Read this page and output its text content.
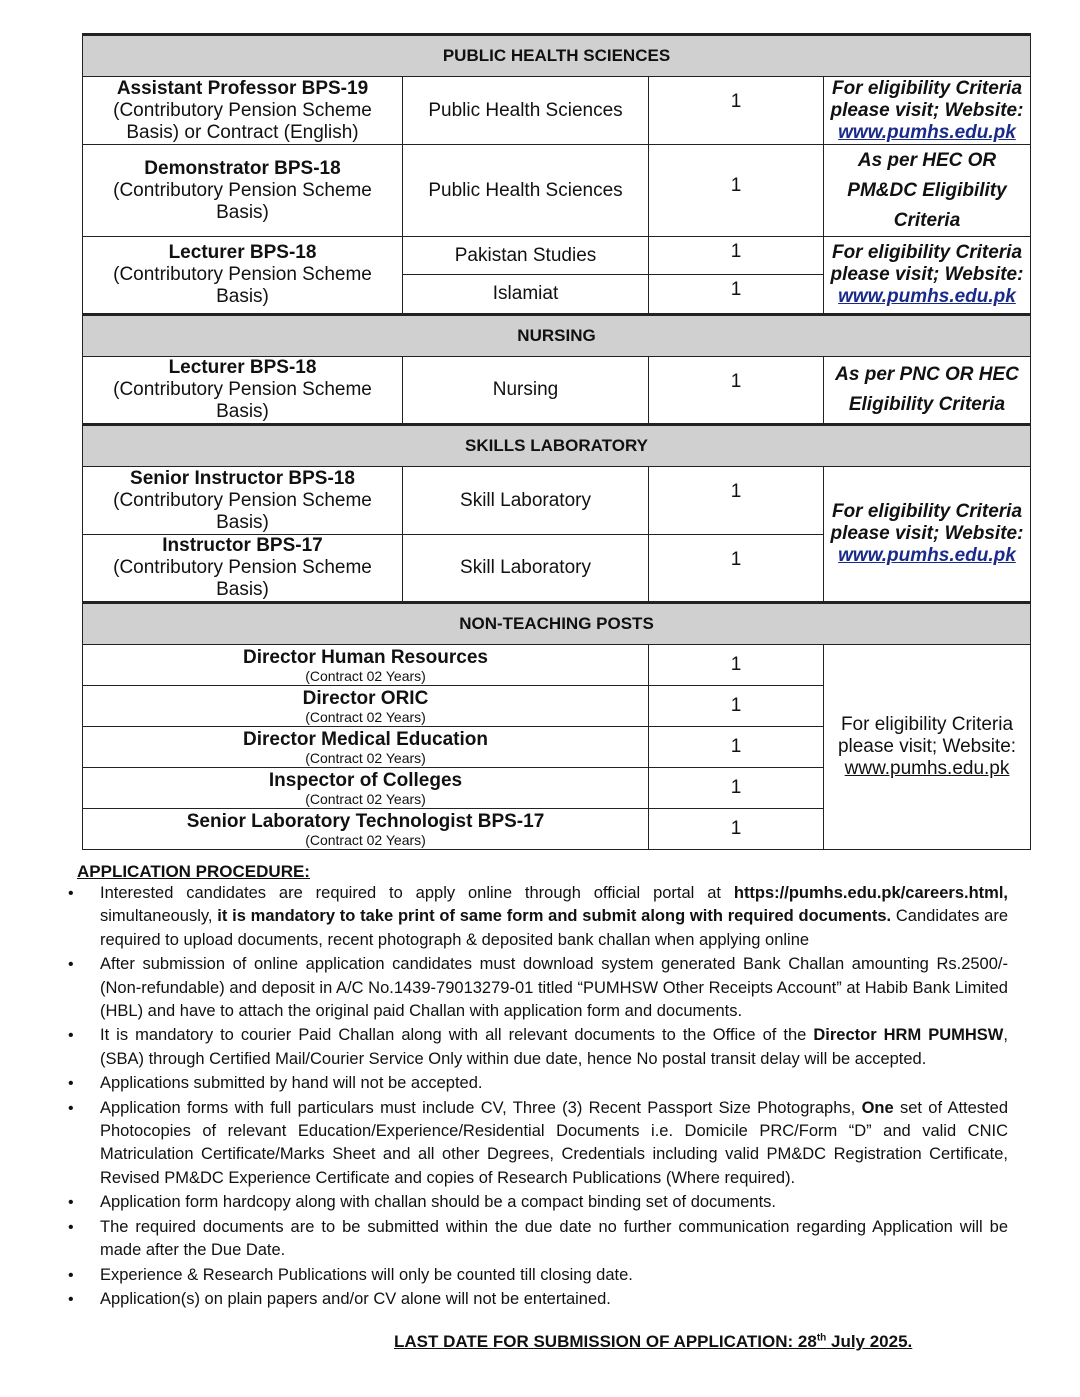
PUBLIC HEALTH SCIENCES			

Assistant Professor BPS-19
(Contributory Pension Scheme Basis) or Contract (English)	Public Health Sciences	1	For eligibility Criteria
please visit; Website:
www.pumhs.edu.pk

Demonstrator BPS-18
(Contributory Pension Scheme Basis)	Public Health Sciences	1	As per HEC OR
PM&DC Eligibility
Criteria

Lecturer BPS-18
(Contributory Pension Scheme Basis)	Pakistan Studies	1	For eligibility Criteria
please visit; Website:
www.pumhs.edu.pk
	Islamiat	1	
NURSING			

Lecturer BPS-18
(Contributory Pension Scheme Basis)	Nursing	1	As per PNC OR HEC
Eligibility Criteria

SKILLS LABORATORY			

Senior Instructor BPS-18
(Contributory Pension Scheme Basis)	Skill Laboratory	1	For eligibility Criteria
please visit; Website:
www.pumhs.edu.pk

Instructor BPS-17
(Contributory Pension Scheme Basis)	Skill Laboratory	1	
NON-TEACHING POSTS			

Director Human Resources
(Contract 02 Years)		1	For eligibility Criteria
please visit; Website:
www.pumhs.edu.pk

Director ORIC
(Contract 02 Years)		1	

Director Medical Education
(Contract 02 Years)		1	

Inspector of Colleges
(Contract 02 Years)		1	

Senior Laboratory Technologist BPS-17
(Contract 02 Years)		1	
APPLICATION PROCEDURE:
• Interested candidates are required to apply online through official portal at https://pumhs.edu.pk/careers.html, simultaneously, it is mandatory to take print of same form and submit along with required documents. Candidates are required to upload documents, recent photograph & deposited bank challan when applying online
• After submission of online application candidates must download system generated Bank Challan amounting Rs.2500/- (Non-refundable) and deposit in A/C No.1439-79013279-01 titled “PUMHSW Other Receipts Account” at Habib Bank Limited (HBL) and have to attach the original paid Challan with application form and documents.
• It is mandatory to courier Paid Challan along with all relevant documents to the Office of the Director HRM PUMHSW, (SBA) through Certified Mail/Courier Service Only within due date, hence No postal transit delay will be accepted.
• Applications submitted by hand will not be accepted.
• Application forms with full particulars must include CV, Three (3) Recent Passport Size Photographs, One set of Attested Photocopies of relevant Education/Experience/Residential Documents i.e. Domicile PRC/Form “D” and valid CNIC Matriculation Certificate/Marks Sheet and all other Degrees, Credentials including valid PM&DC Registration Certificate, Revised PM&DC Experience Certificate and copies of Research Publications (Where required).
• Application form hardcopy along with challan should be a compact binding set of documents.
• The required documents are to be submitted within the due date no further communication regarding Application will be made after the Due Date.
• Experience & Research Publications will only be counted till closing date.
• Application(s) on plain papers and/or CV alone will not be entertained.
LAST DATE FOR SUBMISSION OF APPLICATION: 28th July 2025.
